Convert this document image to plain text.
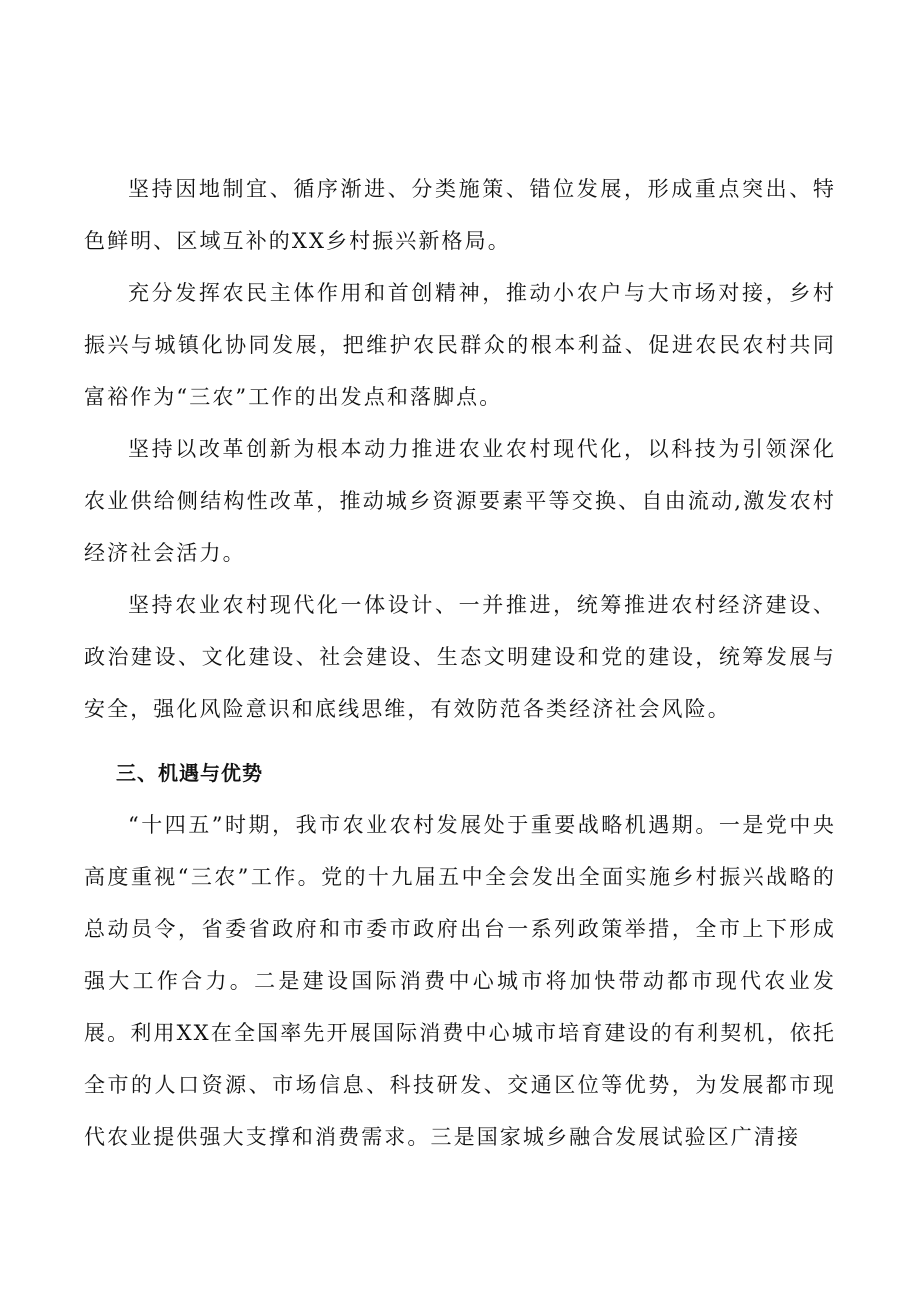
坚持因地制宜、循序渐进、分类施策、错位发展，形成重点突出、特色鲜明、区域互补的XX乡村振兴新格局。

充分发挥农民主体作用和首创精神，推动小农户与大市场对接，乡村振兴与城镇化协同发展，把维护农民群众的根本利益、促进农民农村共同富裕作为“三农”工作的出发点和落脚点。

坚持以改革创新为根本动力推进农业农村现代化，以科技为引领深化农业供给侧结构性改革，推动城乡资源要素平等交换、自由流动,激发农村经济社会活力。

坚持农业农村现代化一体设计、一并推进，统筹推进农村经济建设、政治建设、文化建设、社会建设、生态文明建设和党的建设，统筹发展与安全，强化风险意识和底线思维，有效防范各类经济社会风险。

三、机遇与优势

“十四五”时期，我市农业农村发展处于重要战略机遇期。一是党中央高度重视“三农”工作。党的十九届五中全会发出全面实施乡村振兴战略的总动员令，省委省政府和市委市政府出台一系列政策举措，全市上下形成强大工作合力。二是建设国际消费中心城市将加快带动都市现代农业发展。利用XX在全国率先开展国际消费中心城市培育建设的有利契机，依托全市的人口资源、市场信息、科技研发、交通区位等优势，为发展都市现代农业提供强大支撑和消费需求。三是国家城乡融合发展试验区广清接
